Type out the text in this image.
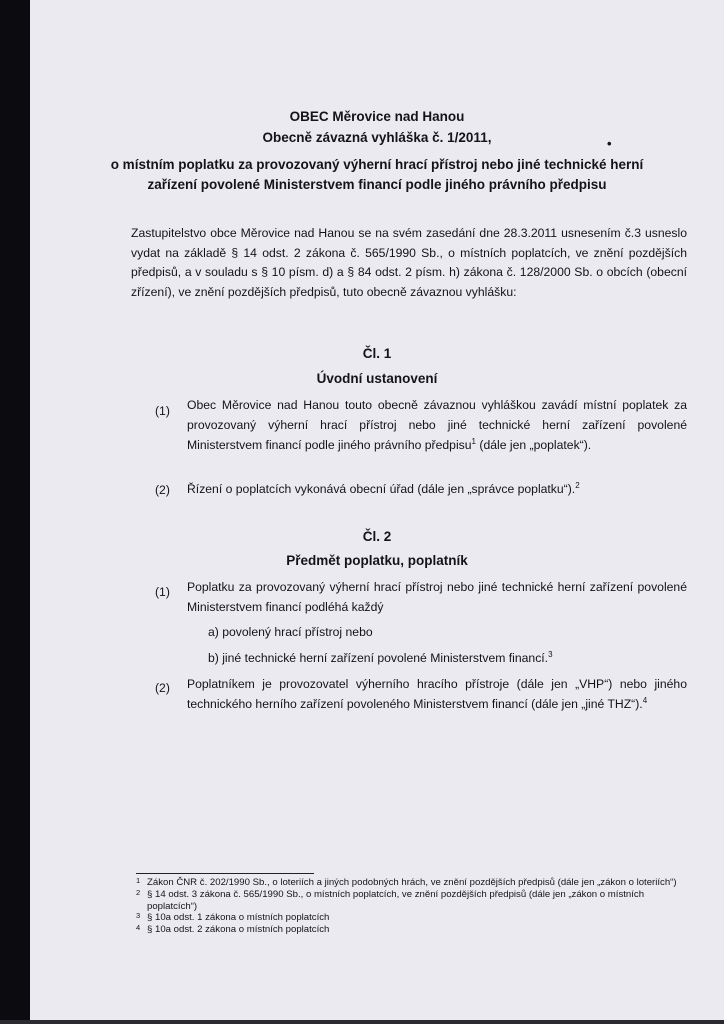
OBEC Měrovice nad Hanou
Obecně závazná vyhláška č. 1/2011,	•
o místním poplatku za provozovaný výherní hrací přístroj nebo jiné technické herní zařízení povolené Ministerstvem financí podle jiného právního předpisu
Zastupitelstvo obce Měrovice nad Hanou se na svém zasedání dne 28.3.2011 usnesením č.3 usneslo vydat na základě § 14 odst. 2 zákona č. 565/1990 Sb., o místních poplatcích, ve znění pozdějších předpisů, a v souladu s § 10 písm. d) a § 84 odst. 2 písm. h) zákona č. 128/2000 Sb. o obcích (obecní zřízení), ve znění pozdějších předpisů, tuto obecně závaznou vyhlášku:
Čl. 1
Úvodní ustanovení
(1) Obec Měrovice nad Hanou touto obecně závaznou vyhláškou zavádí místní poplatek za provozovaný výherní hrací přístroj nebo jiné technické herní zařízení povolené Ministerstvem financí podle jiného právního předpisu$^1$ (dále jen „poplatek“).
(2) Řízení o poplatcích vykonává obecní úřad (dále jen „správce poplatku“).$^2$
Čl. 2
Předmět poplatku, poplatník
(1) Poplatku za provozovaný výherní hrací přístroj nebo jiné technické herní zařízení povolené Ministerstvem financí podléhá každý
a) povolený hrací přístroj nebo
b) jiné technické herní zařízení povolené Ministerstvem financí.$^3$
(2) Poplatníkem je provozovatel výherního hracího přístroje (dále jen „VHP“) nebo jiného technického herního zařízení povoleného Ministerstvem financí (dále jen „jiné THZ“).$^4$
1 Zákon ČNR č. 202/1990 Sb., o loteriích a jiných podobných hrách, ve znění pozdějších předpisů (dále jen „zákon o loteriích“)
2 § 14 odst. 3 zákona č. 565/1990 Sb., o místních poplatcích, ve znění pozdějších předpisů (dále jen „zákon o místních poplatcích“)
3 § 10a odst. 1 zákona o místních poplatcích
4 § 10a odst. 2 zákona o místních poplatcích
